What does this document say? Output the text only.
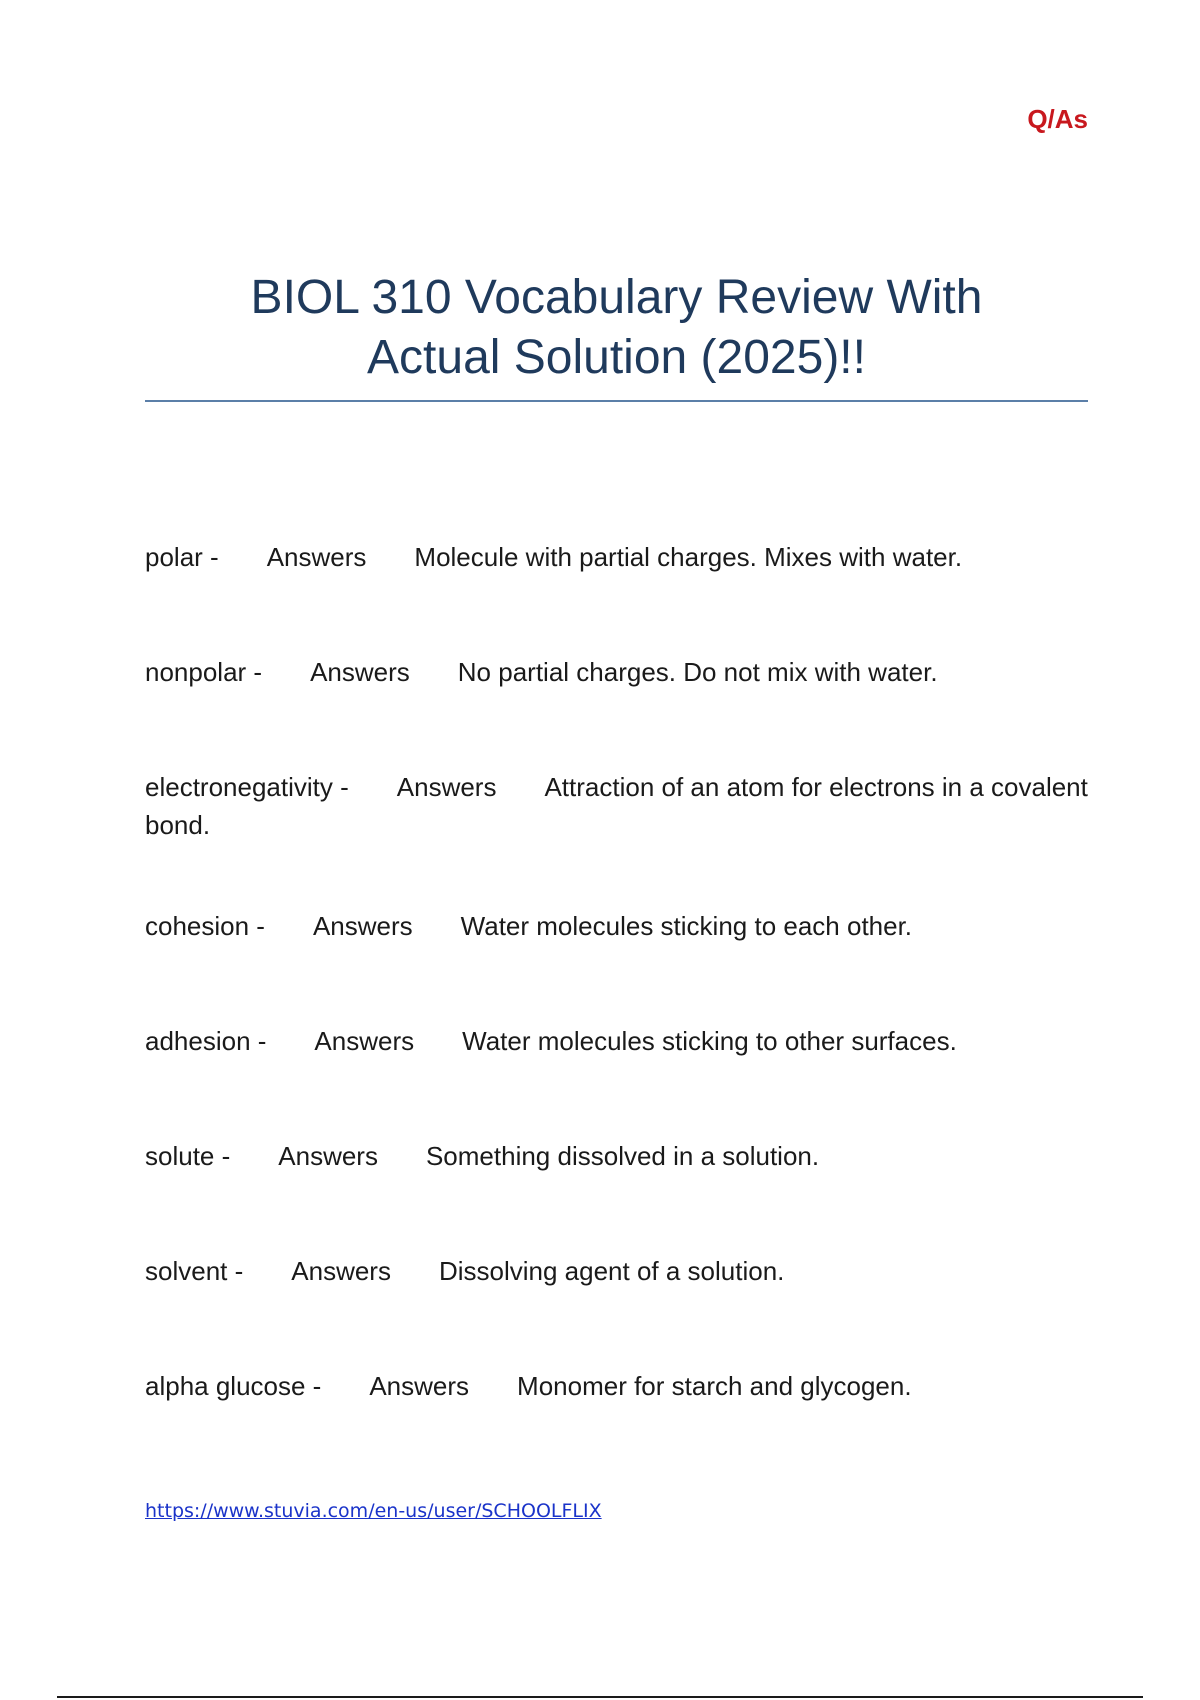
Q/As
BIOL 310 Vocabulary Review With
Actual Solution (2025)!!

polar - Answers Molecule with partial charges. Mixes with water.

nonpolar - Answers No partial charges. Do not mix with water.

electronegativity - Answers Attraction of an atom for electrons in a covalent bond.

cohesion - Answers Water molecules sticking to each other.

adhesion - Answers Water molecules sticking to other surfaces.

solute - Answers Something dissolved in a solution.

solvent - Answers Dissolving agent of a solution.

alpha glucose - Answers Monomer for starch and glycogen.

https://www.stuvia.com/en-us/user/SCHOOLFLIX
